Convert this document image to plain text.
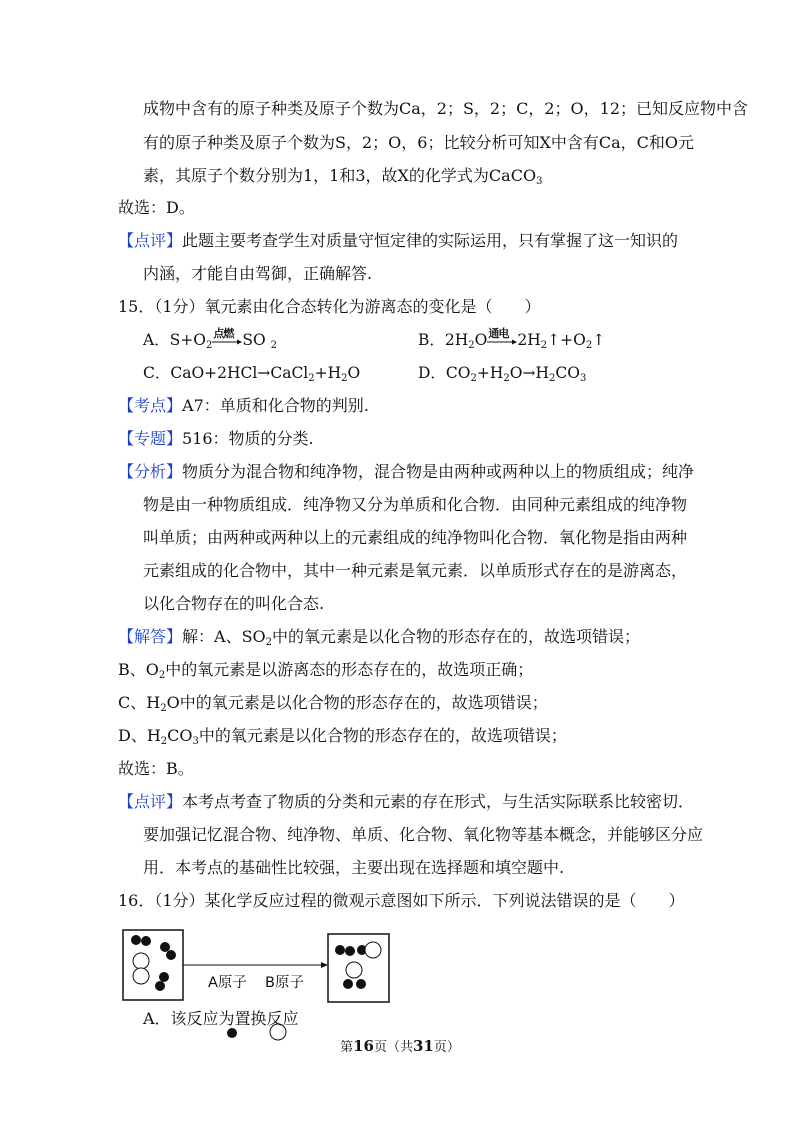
成物中含有的原子种类及原子个数为Ca，2；S，2；C，2；O，12；已知反应物中含
有的原子种类及原子个数为S，2；O，6；比较分析可知X中含有Ca，C和O元
素，其原子个数分别为1，1和3，故X的化学式为CaCO$_3$
故选：D。
【点评】此题主要考查学生对质量守恒定律的实际运用，只有掌握了这一知识的
内涵，才能自由驾御，正确解答.
15．（1分）氧元素由化合态转化为游离态的变化是（　　）
A．$S+O_2$
点燃 SO $_2$	B．$2H_2O$ 通电 $2H_2↑+O_2↑$
C．$CaO+2HCl\to CaCl_2+H_2O$	D．$CO_2+H_2O\to H_2CO_3$
【考点】A7：单质和化合物的判别.
【专题】516：物质的分类.
【分析】物质分为混合物和纯净物，混合物是由两种或两种以上的物质组成；纯净
物是由一种物质组成．纯净物又分为单质和化合物．由同种元素组成的纯净物
叫单质；由两种或两种以上的元素组成的纯净物叫化合物．氧化物是指由两种
元素组成的化合物中，其中一种元素是氧元素．以单质形式存在的是游离态，
以化合物存在的叫化合态.
【解答】解：A、$SO_2$中的氧元素是以化合物的形态存在的，故选项错误；
B、$O_2$中的氧元素是以游离态的形态存在的，故选项正确；
C、$H_2O$中的氧元素是以化合物的形态存在的，故选项错误；
D、$H_2CO_3$中的氧元素是以化合物的形态存在的，故选项错误；
故选：B。
【点评】本考点考查了物质的分类和元素的存在形式，与生活实际联系比较密切．
要加强记忆混合物、纯净物、单质、化合物、氧化物等基本概念，并能够区分应
用．本考点的基础性比较强，主要出现在选择题和填空题中.
16．（1分）某化学反应过程的微观示意图如下所示．下列说法错误的是（　　）
A原子 B原子
A．该反应为置换反应
第16页（共31页）
